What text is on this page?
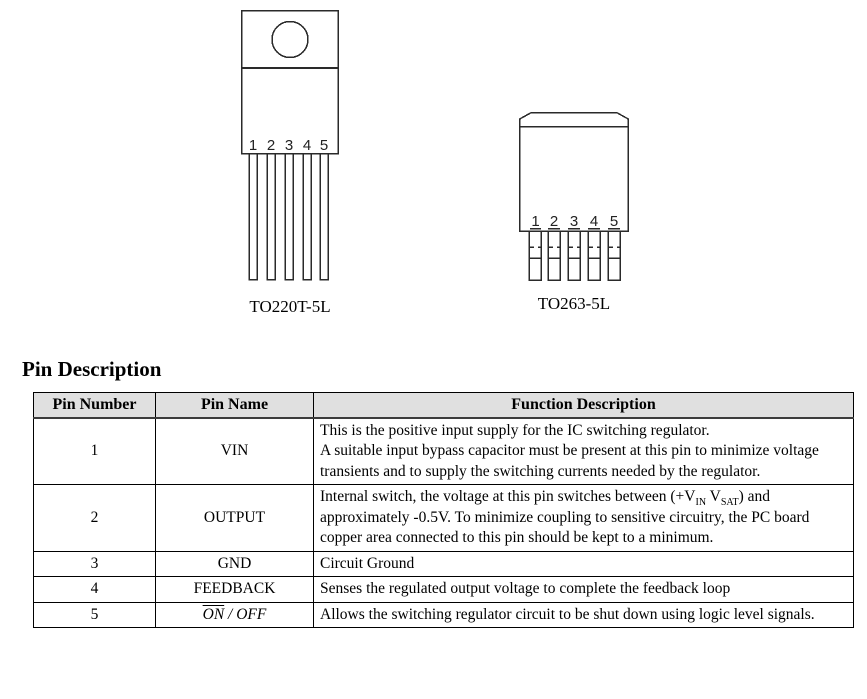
1 2 3 4 5
TO220T-5L
1 2 3 4 5
TO263-5L
Pin Description
Pin Number	Pin Name	Function Description
1	VIN	This is the positive input supply for the IC switching regulator.
A suitable input bypass capacitor must be present at this pin to minimize voltage transients and to supply the switching currents needed by the regulator.
2	OUTPUT	Internal switch, the voltage at this pin switches between ($+V_{IN}$ $V_{SAT}$) and approximately -0.5V. To minimize coupling to sensitive circuitry, the PC board copper area connected to this pin should be kept to a minimum.
3	GND	Circuit Ground
4	FEEDBACK	Senses the regulated output voltage to complete the feedback loop
5	$\overline{ON}$ / OFF	Allows the switching regulator circuit to be shut down using logic level signals.
